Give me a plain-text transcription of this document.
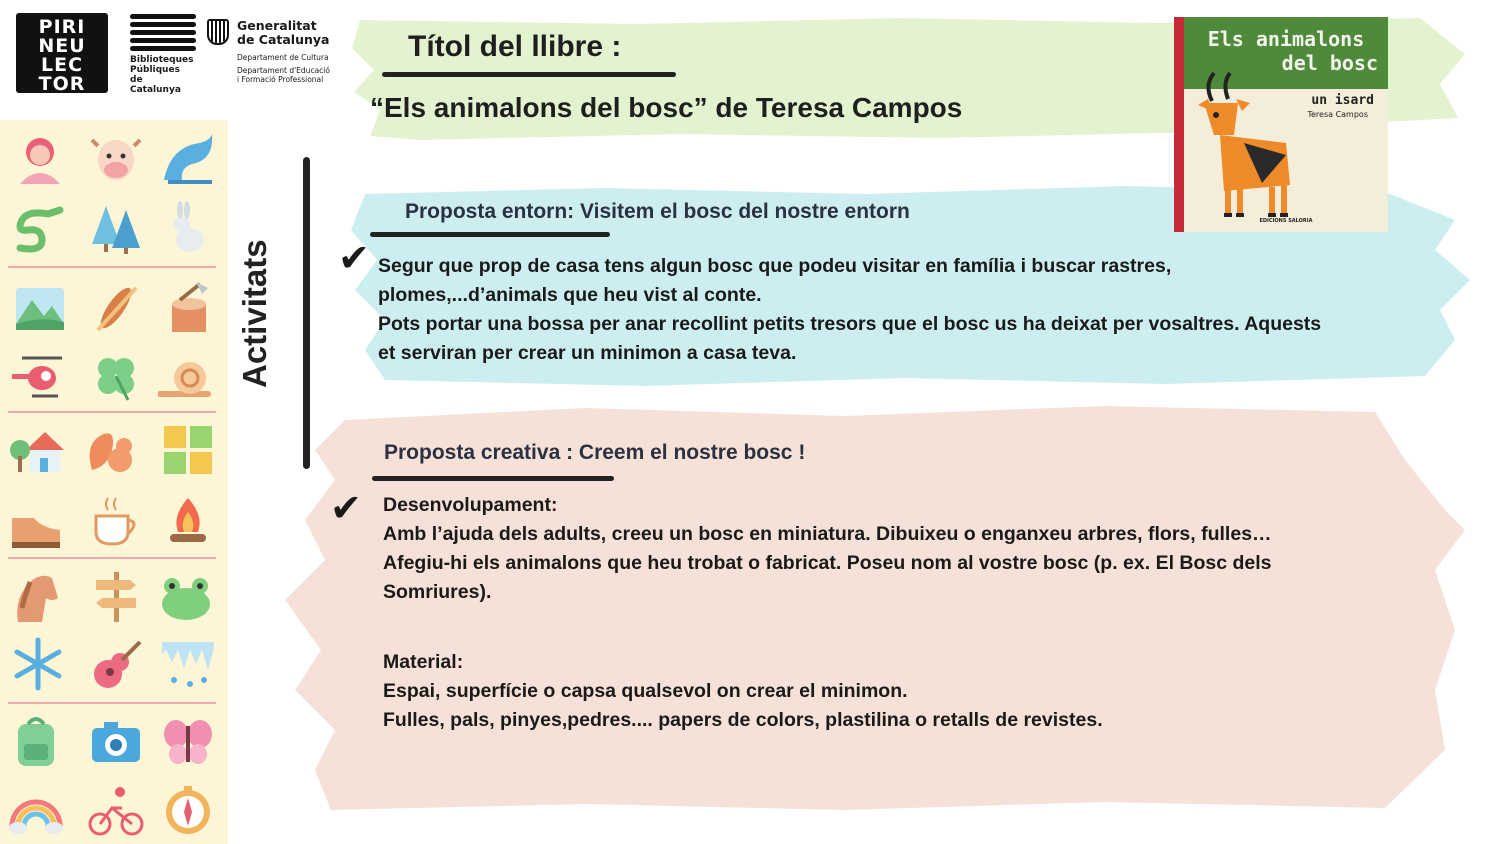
PIRI
NEU
LEC
TOR
Biblioteques
Públiques
de Catalunya
Generalitat
de Catalunya
Departament de Cultura
Departament d'Educació
i Formació Professional
Títol del llibre :
“Els animalons del bosc” de Teresa Campos
Els animalons
del bosc
un isard
Teresa Campos
EDICIONS SALORIA
Activitats
Proposta entorn: Visitem el bosc del nostre entorn
✔ Segur que prop de casa tens algun bosc que podeu visitar en família i buscar rastres,
plomes,...d’animals que heu vist al conte.
Pots portar una bossa per anar recollint petits tresors que el bosc us ha deixat per vosaltres. Aquests
et serviran per crear un minimon a casa teva.
Proposta creativa : Creem el nostre bosc !
✔ Desenvolupament:
Amb l’ajuda dels adults, creeu un bosc en miniatura. Dibuixeu o enganxeu arbres, flors, fulles…
Afegiu-hi els animalons que heu trobat o fabricat. Poseu nom al vostre bosc (p. ex. El Bosc dels
Somriures).
Material:
Espai, superfície o capsa qualsevol on crear el minimon.
Fulles, pals, pinyes,pedres.... papers de colors, plastilina o retalls de revistes.
